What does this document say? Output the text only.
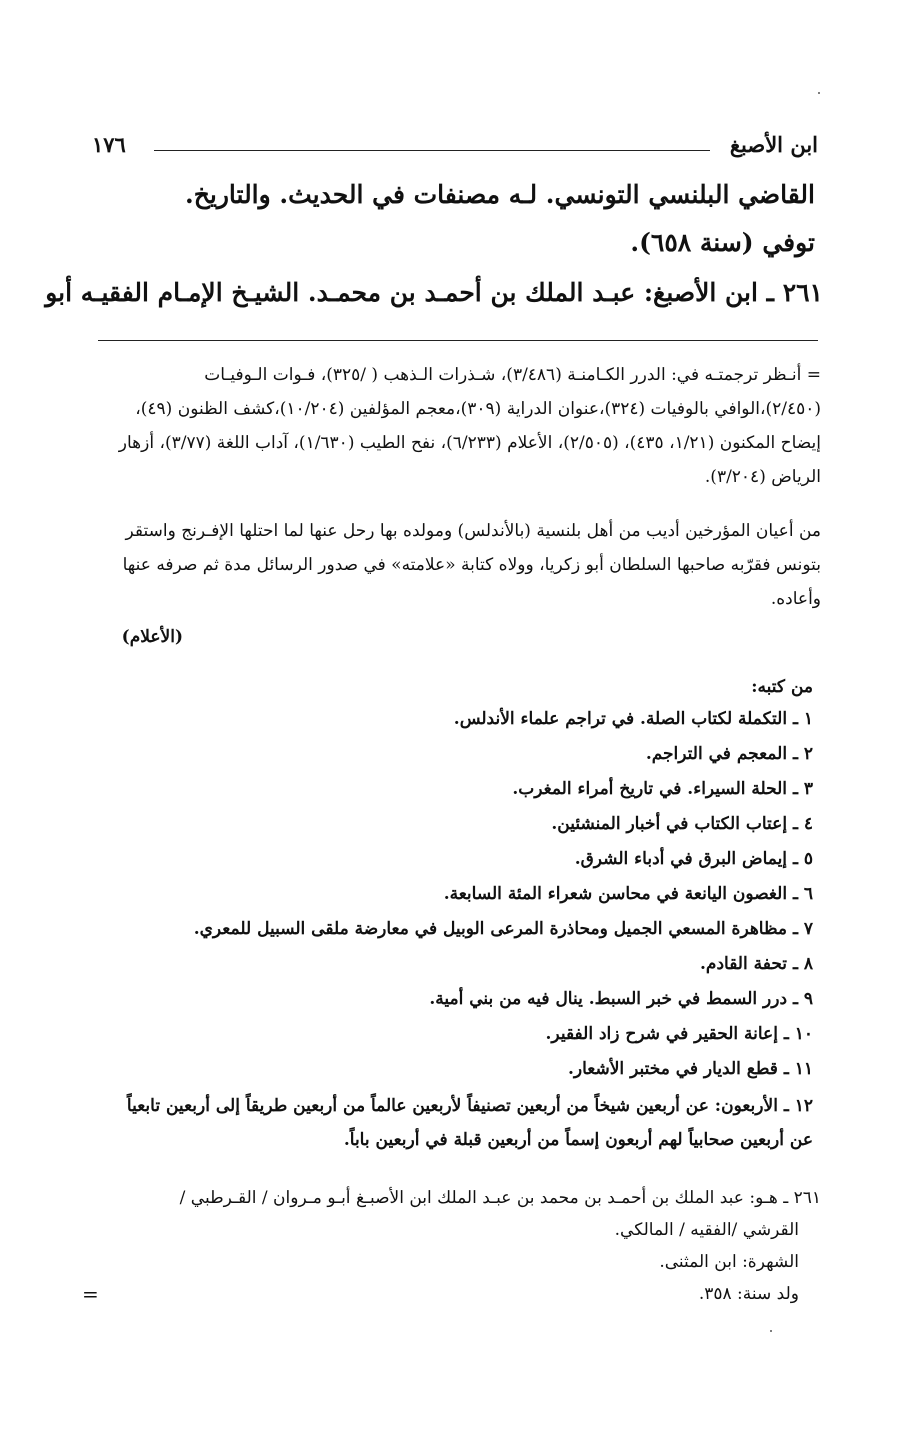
ابن الأصبغ
١٧٦
القاضي البلنسي التونسي. لـه مصنفات في الحديث. والتاريخ.
توفي (سنة ٦٥٨).
٢٦١ ـ ابن الأصبغ: عبـد الملك بن أحمـد بن محمـد. الشيـخ الإمـام الفقيـه أبو
= أنـظر ترجمتـه في: الدرر الكـامنـة (٣/٤٨٦)، شـذرات الـذهب ( /٣٢٥)، فـوات الـوفيـات (٢/٤٥٠)،الوافي بالوفيات (٣٢٤)،عنوان الدراية (٣٠٩)،معجم المؤلفين (١٠/٢٠٤)،كشف الظنون (٤٩)، إيضاح المكنون (١/٢١، ٤٣٥)، (٢/٥٠٥)، الأعلام (٦/٢٣٣)، نفح الطيب (١/٦٣٠)، آداب اللغة (٣/٧٧)، أزهار الرياض (٣/٢٠٤).
من أعيان المؤرخين أديب من أهل بلنسية (بالأندلس) ومولده بها رحل عنها لما احتلها الإفـرنج واستقر بتونس فقرّبه صاحبها السلطان أبو زكريا، وولاه كتابة «علامته» في صدور الرسائل مدة ثم صرفه عنها وأعاده.
(الأعلام)
من كتبه:
١ ـ التكملة لكتاب الصلة. في تراجم علماء الأندلس.
٢ ـ المعجم في التراجم.
٣ ـ الحلة السيراء. في تاريخ أمراء المغرب.
٤ ـ إعتاب الكتاب في أخبار المنشئين.
٥ ـ إيماض البرق في أدباء الشرق.
٦ ـ الغصون اليانعة في محاسن شعراء المئة السابعة.
٧ ـ مظاهرة المسعي الجميل ومحاذرة المرعى الوبيل في معارضة ملقى السبيل للمعري.
٨ ـ تحفة القادم.
٩ ـ درر السمط في خبر السبط. ينال فيه من بني أمية.
١٠ ـ إعانة الحقير في شرح زاد الفقير.
١١ ـ قطع الديار في مختبر الأشعار.
١٢ ـ الأربعون: عن أربعين شيخاً من أربعين تصنيفاً لأربعين عالماً من أربعين طريقاً إلى أربعين تابعياً عن أربعين صحابياً لهم أربعون إسماً من أربعين قبلة في أربعين باباً.
٢٦١ ـ هـو: عبد الملك بن أحمـد بن محمد بن عبـد الملك ابن الأصبـغ أبـو مـروان / القـرطبي /
القرشي /الفقيه / المالكي.
الشهرة: ابن المثنى.
ولد سنة: ٣٥٨.
=
